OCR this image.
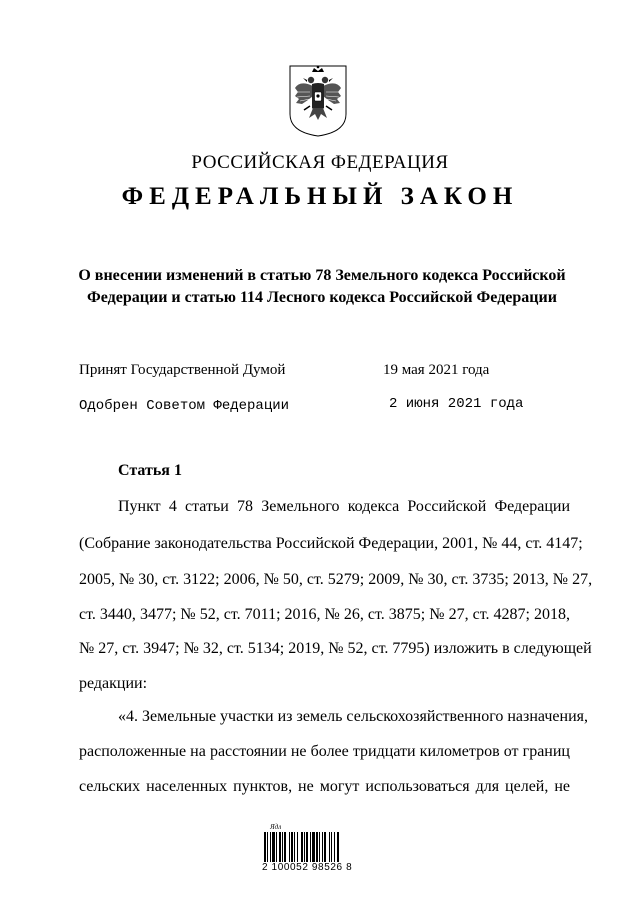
РОССИЙСКАЯ ФЕДЕРАЦИЯ
ФЕДЕРАЛЬНЫЙ ЗАКОН
О внесении изменений в статью 78 Земельного кодекса Российской
Федерации и статью 114 Лесного кодекса Российской Федерации
Принят Государственной Думой	19 мая 2021 года
Одобрен Советом Федерации	2 июня 2021 года
Статья 1
Пункт 4 статьи 78 Земельного кодекса Российской Федерации
(Собрание законодательства Российской Федерации, 2001, № 44, ст. 4147;
2005, № 30, ст. 3122; 2006, № 50, ст. 5279; 2009, № 30, ст. 3735; 2013, № 27,
ст. 3440, 3477; № 52, ст. 7011; 2016, № 26, ст. 3875; № 27, ст. 4287; 2018,
№ 27, ст. 3947; № 32, ст. 5134; 2019, № 52, ст. 7795) изложить в следующей
редакции:
«4. Земельные участки из земель сельскохозяйственного назначения,
расположенные на расстоянии не более тридцати километров от границ
сельских населенных пунктов, не могут использоваться для целей, не
Ядл
2 100052 98526 8
